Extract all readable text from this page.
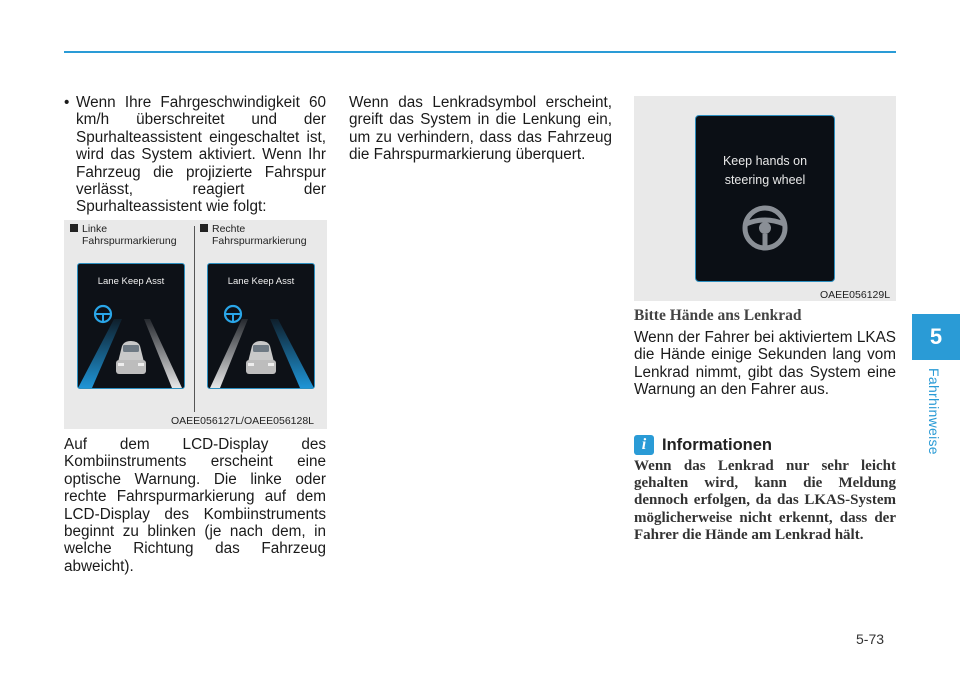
• Wenn Ihre Fahrgeschwindigkeit 60 km/h überschreitet und der Spurhalteassistent eingeschaltet ist, wird das System aktiviert. Wenn Ihr Fahrzeug die projizierte Fahrspur verlässt, reagiert der Spurhalteassistent wie folgt:

Linke
Fahrspurmarkierung
Rechte
Fahrspurmarkierung
Lane Keep Asst	Lane Keep Asst
OAEE056127L/OAEE056128L

Auf dem LCD-Display des Kombiinstruments erscheint eine optische Warnung. Die linke oder rechte Fahrspurmarkierung auf dem LCD-Display des Kombiinstruments beginnt zu blinken (je nach dem, in welche Richtung das Fahrzeug abweicht).

Wenn das Lenkradsymbol erscheint, greift das System in die Lenkung ein, um zu verhindern, dass das Fahrzeug die Fahrspurmarkierung überquert.	Keep hands on
steering wheel
OAEE056129L
Bitte Hände ans Lenkrad

Wenn der Fahrer bei aktiviertem LKAS die Hände einige Sekunden lang vom Lenkrad nimmt, gibt das System eine Warnung an den Fahrer aus.

i Informationen
Wenn das Lenkrad nur sehr leicht gehalten wird, kann die Meldung dennoch erfolgen, da das LKAS-System möglicherweise nicht erkennt, dass der Fahrer die Hände am Lenkrad hält.
5
Fahrhinweise
5-73
